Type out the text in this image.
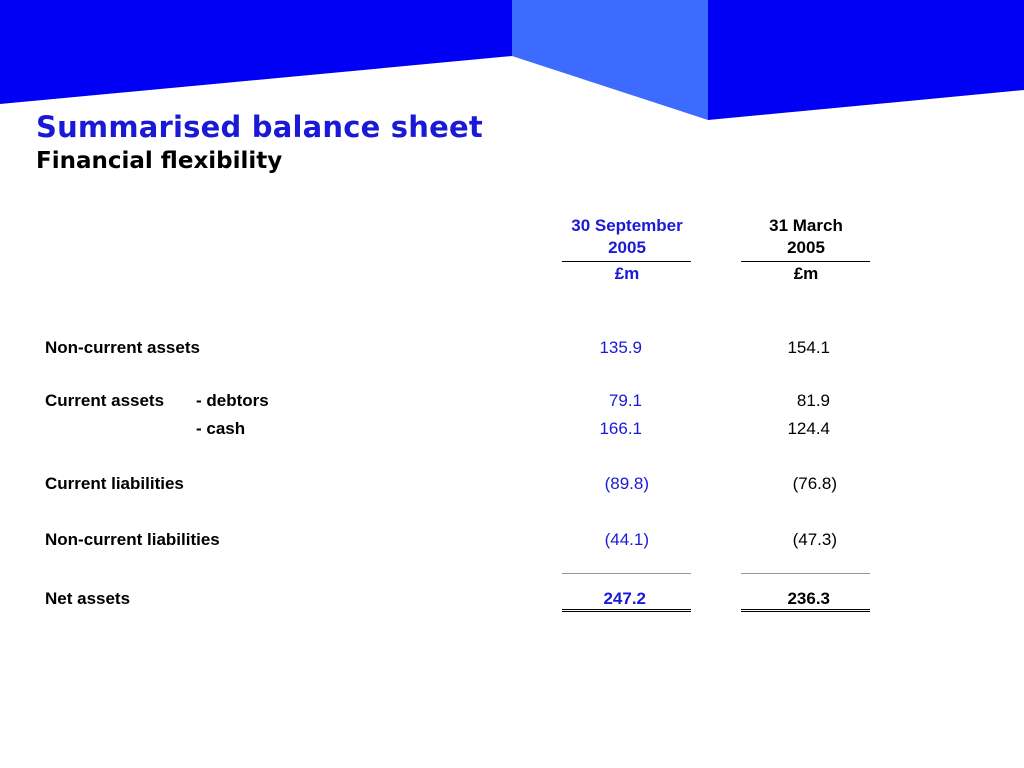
Summarised balance sheet
Financial flexibility
30 September
2005
£m
31 March
2005
£m
Non-current assets	135.9	154.1
Current assets - debtors	79.1	81.9
- cash	166.1	124.4
Current liabilities	(89.8)	(76.8)
Non-current liabilities	(44.1)	(47.3)
Net assets	247.2	236.3
